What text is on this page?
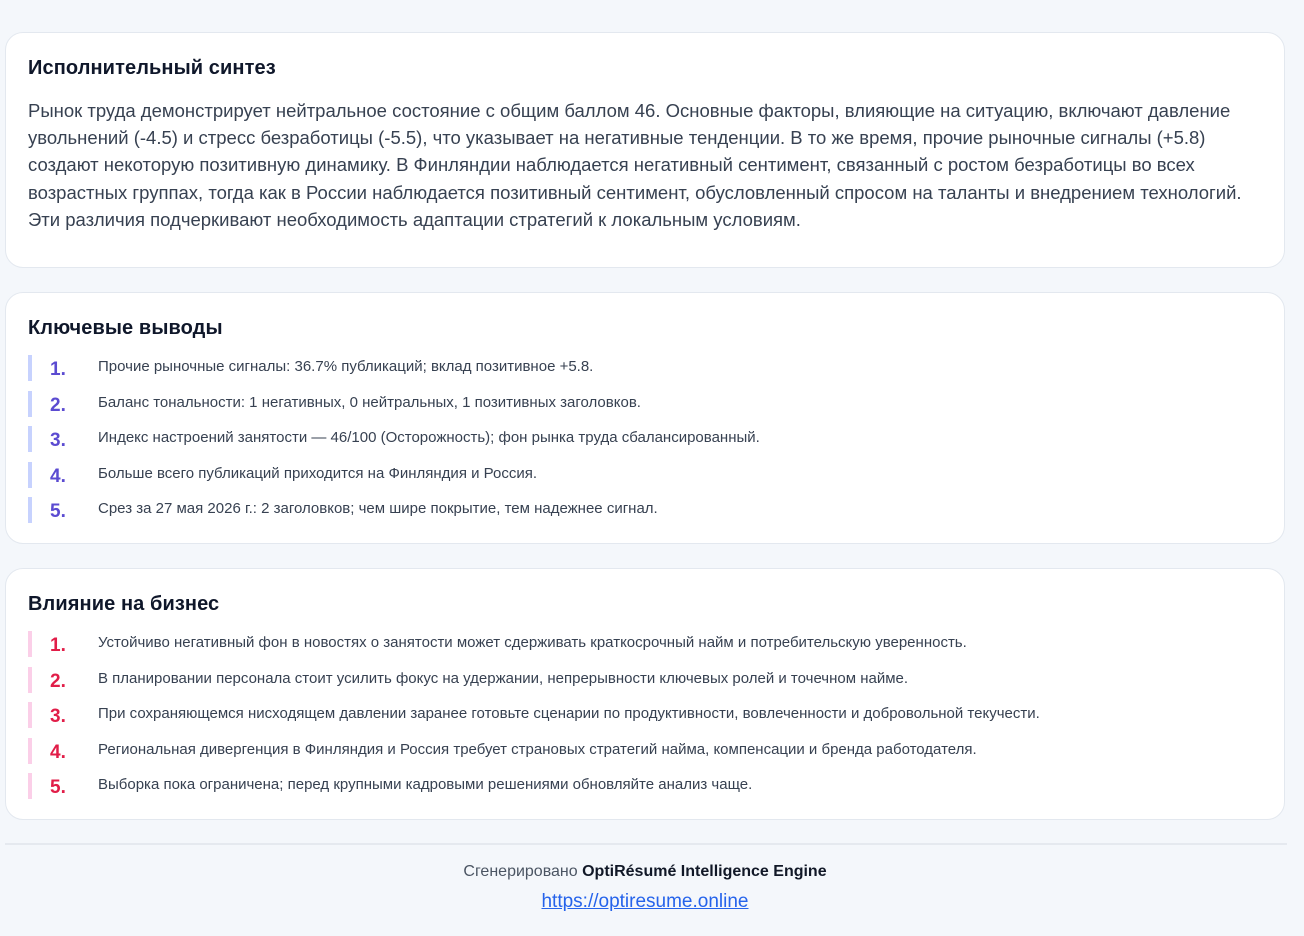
Исполнительный синтез

Рынок труда демонстрирует нейтральное состояние с общим баллом 46. Основные факторы, влияющие на ситуацию, включают давление увольнений (-4.5) и стресс безработицы (-5.5), что указывает на негативные тенденции. В то же время, прочие рыночные сигналы (+5.8) создают некоторую позитивную динамику. В Финляндии наблюдается негативный сентимент, связанный с ростом безработицы во всех возрастных группах, тогда как в России наблюдается позитивный сентимент, обусловленный спросом на таланты и внедрением технологий. Эти различия подчеркивают необходимость адаптации стратегий к локальным условиям.

Ключевые выводы
1. Прочие рыночные сигналы: 36.7% публикаций; вклад позитивное +5.8.
2. Баланс тональности: 1 негативных, 0 нейтральных, 1 позитивных заголовков.
3. Индекс настроений занятости — 46/100 (Осторожность); фон рынка труда сбалансированный.
4. Больше всего публикаций приходится на Финляндия и Россия.
5. Срез за 27 мая 2026 г.: 2 заголовков; чем шире покрытие, тем надежнее сигнал.
Влияние на бизнес
1. Устойчиво негативный фон в новостях о занятости может сдерживать краткосрочный найм и потребительскую уверенность.
2. В планировании персонала стоит усилить фокус на удержании, непрерывности ключевых ролей и точечном найме.
3. При сохраняющемся нисходящем давлении заранее готовьте сценарии по продуктивности, вовлеченности и добровольной текучести.
4. Региональная дивергенция в Финляндия и Россия требует страновых стратегий найма, компенсации и бренда работодателя.
5. Выборка пока ограничена; перед крупными кадровыми решениями обновляйте анализ чаще.
Сгенерировано OptiRésumé Intelligence Engine
https://optiresume.online
